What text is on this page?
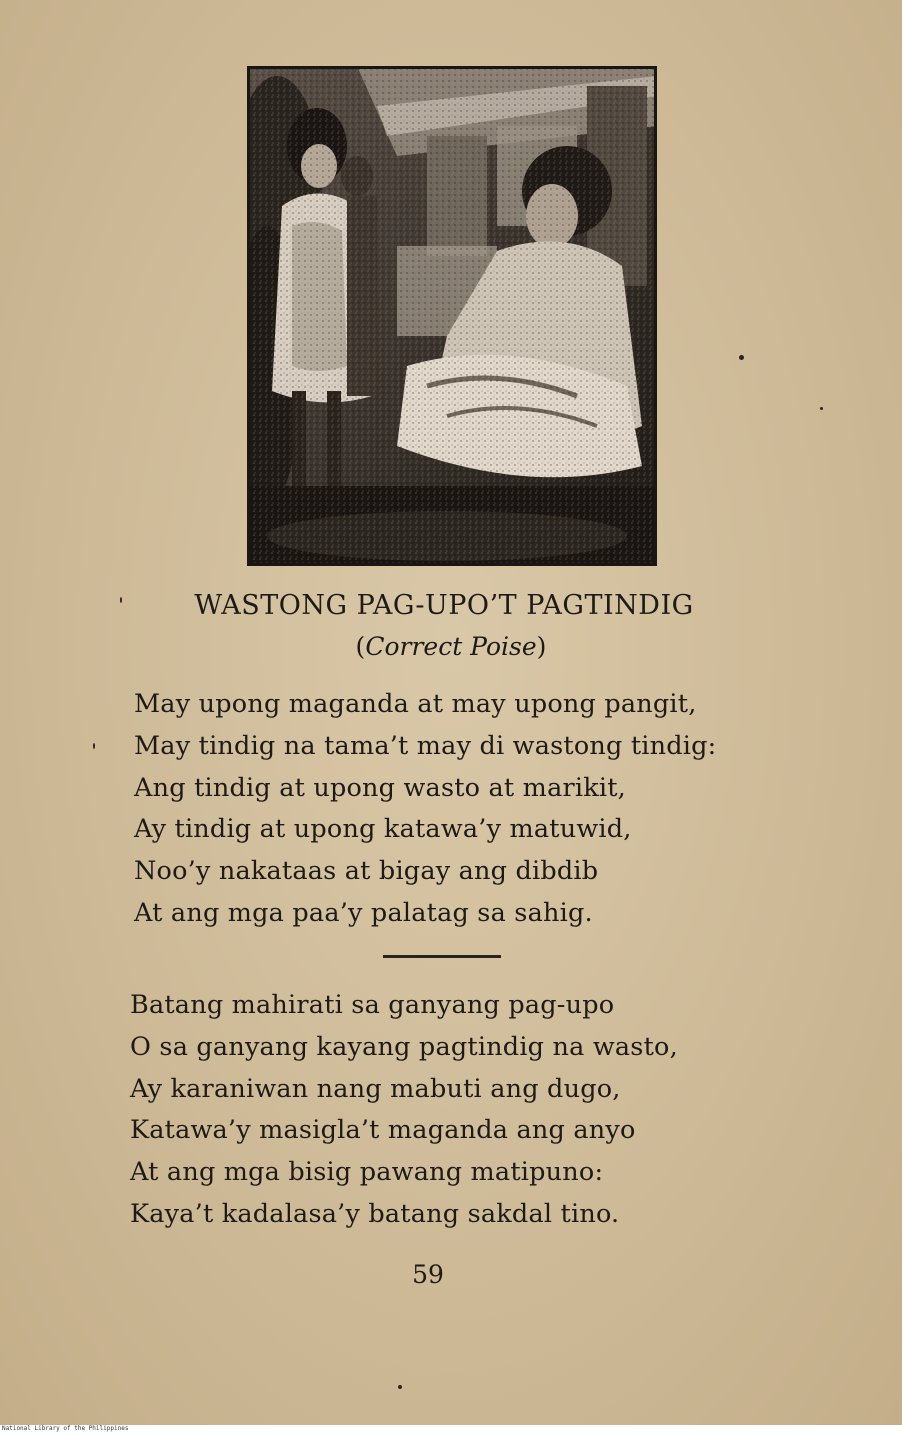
WASTONG PAG-UPO’T PAGTINDIG
(Correct Poise)
May upong maganda at may upong pangit,
May tindig na tama’t may di wastong tindig:
Ang tindig at upong wasto at marikit,
Ay tindig at upong katawa’y matuwid,
Noo’y nakataas at bigay ang dibdib
At ang mga paa’y palatag sa sahig.
Batang mahirati sa ganyang pag-upo
O sa ganyang kayang pagtindig na wasto,
Ay karaniwan nang mabuti ang dugo,
Katawa’y masigla’t maganda ang anyo
At ang mga bisig pawang matipuno:
Kaya’t kadalasa’y batang sakdal tino.
59
National Library of the Philippines
